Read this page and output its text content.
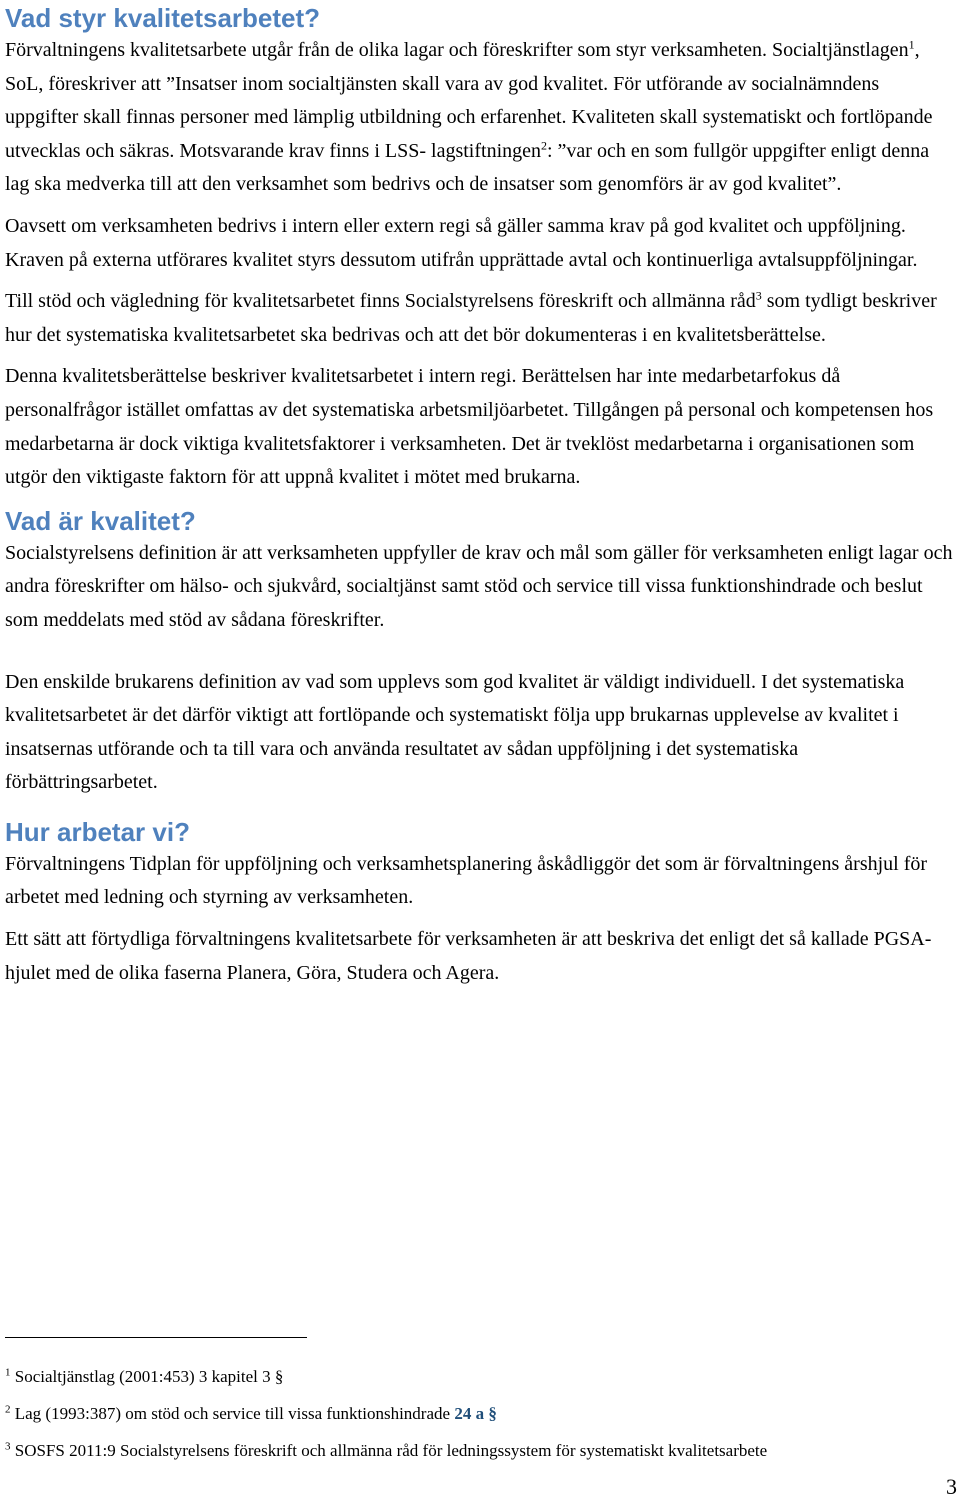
Vad styr kvalitetsarbetet?

Förvaltningens kvalitetsarbete utgår från de olika lagar och föreskrifter som styr verksamheten. Socialtjänstlagen$^1$, SoL, föreskriver att ”Insatser inom socialtjänsten skall vara av god kvalitet. För utförande av socialnämndens uppgifter skall finnas personer med lämplig utbildning och erfarenhet. Kvaliteten skall systematiskt och fortlöpande utvecklas och säkras. Motsvarande krav finns i LSS- lagstiftningen$^2$: ”var och en som fullgör uppgifter enligt denna lag ska medverka till att den verksamhet som bedrivs och de insatser som genomförs är av god kvalitet”.

Oavsett om verksamheten bedrivs i intern eller extern regi så gäller samma krav på god kvalitet och uppföljning. Kraven på externa utförares kvalitet styrs dessutom utifrån upprättade avtal och kontinuerliga avtalsuppföljningar.

Till stöd och vägledning för kvalitetsarbetet finns Socialstyrelsens föreskrift och allmänna råd$^3$ som tydligt beskriver hur det systematiska kvalitetsarbetet ska bedrivas och att det bör dokumenteras i en kvalitetsberättelse.

Denna kvalitetsberättelse beskriver kvalitetsarbetet i intern regi. Berättelsen har inte medarbetarfokus då personalfrågor istället omfattas av det systematiska arbetsmiljöarbetet. Tillgången på personal och kompetensen hos medarbetarna är dock viktiga kvalitetsfaktorer i verksamheten. Det är tveklöst medarbetarna i organisationen som utgör den viktigaste faktorn för att uppnå kvalitet i mötet med brukarna.

Vad är kvalitet?

Socialstyrelsens definition är att verksamheten uppfyller de krav och mål som gäller för verksamheten enligt lagar och andra föreskrifter om hälso- och sjukvård, socialtjänst samt stöd och service till vissa funktionshindrade och beslut som meddelats med stöd av sådana föreskrifter.

Den enskilde brukarens definition av vad som upplevs som god kvalitet är väldigt individuell. I det systematiska kvalitetsarbetet är det därför viktigt att fortlöpande och systematiskt följa upp brukarnas upplevelse av kvalitet i insatsernas utförande och ta till vara och använda resultatet av sådan uppföljning i det systematiska förbättringsarbetet.

Hur arbetar vi?

Förvaltningens Tidplan för uppföljning och verksamhetsplanering åskådliggör det som är förvaltningens årshjul för arbetet med ledning och styrning av verksamheten.

Ett sätt att förtydliga förvaltningens kvalitetsarbete för verksamheten är att beskriva det enligt det så kallade PGSA-hjulet med de olika faserna Planera, Göra, Studera och Agera.

$^1$ Socialtjänstlag (2001:453) 3 kapitel 3 §
$^2$ Lag (1993:387) om stöd och service till vissa funktionshindrade 24 a §
$^3$ SOSFS 2011:9 Socialstyrelsens föreskrift och allmänna råd för ledningssystem för systematiskt kvalitetsarbete
3
